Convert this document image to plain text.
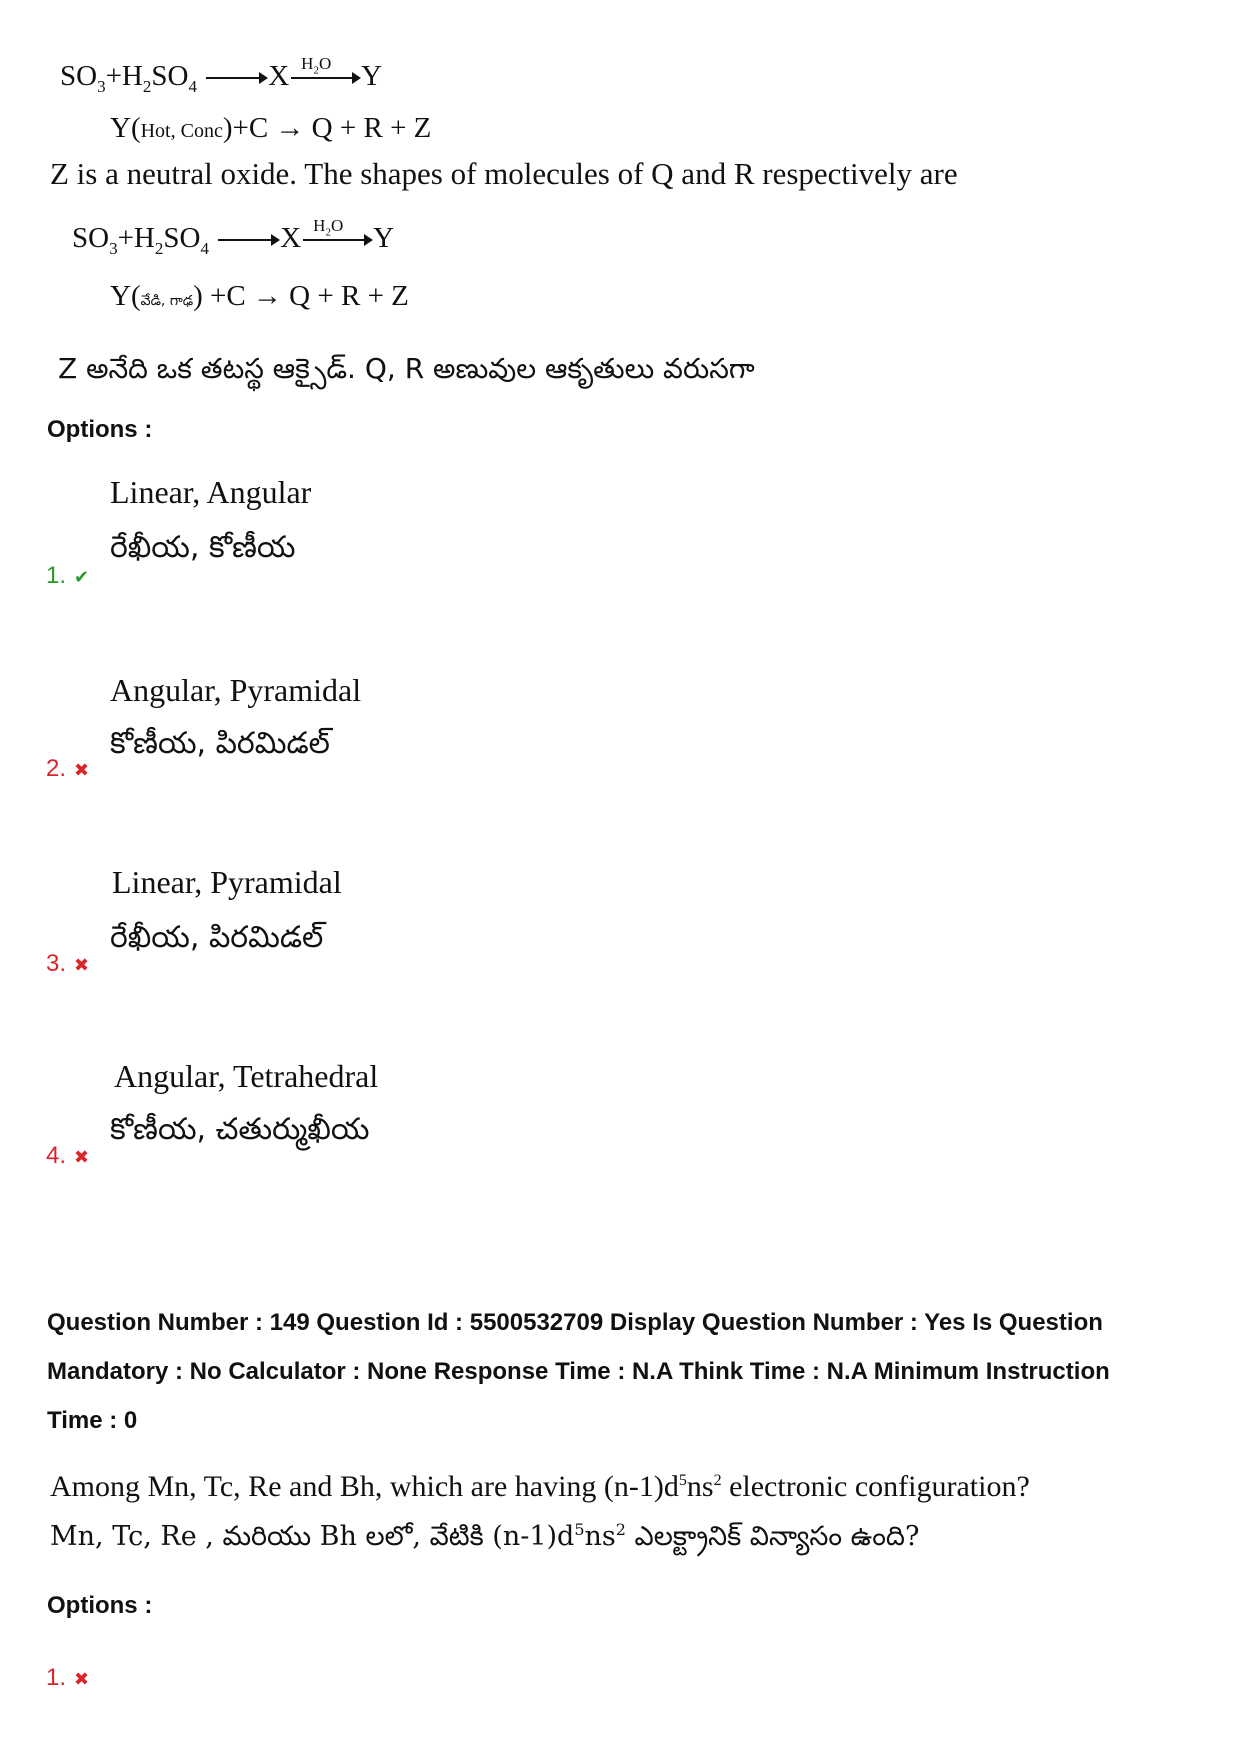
$SO_3+H_2SO_4 \to X$ $H_2O$ Y
Y(Hot, Conc)+C → Q + R + Z
Z is a neutral oxide. The shapes of molecules of Q and R respectively are
$SO_3+H_2SO_4 \to X$ $H_2O$ Y
Y(వేడి, గాఢ) +C → Q + R + Z
Z అనేది ఒక తటస్థ ఆక్సైడ్. Q, R అణువుల ఆకృతులు వరుసగా
Options :
Linear, Angular
రేఖీయ, కోణీయ
1. ✔
Angular, Pyramidal
కోణీయ, పిరమిడల్
2. ✖
Linear, Pyramidal
రేఖీయ, పిరమిడల్
3. ✖
Angular, Tetrahedral
కోణీయ, చతుర్ముఖీయ
4. ✖
Question Number : 149 Question Id : 5500532709 Display Question Number : Yes Is Question
Mandatory : No Calculator : None Response Time : N.A Think Time : N.A Minimum Instruction
Time : 0
Among Mn, Tc, Re and Bh, which are having $(n-1)d^5ns^2$ electronic configuration?
Mn, Tc, Re , మరియు Bh లలో, వేటికి $(n-1)d^5ns^2$ ఎలక్ట్రానిక్ విన్యాసం ఉంది?
Options :
1. ✖
